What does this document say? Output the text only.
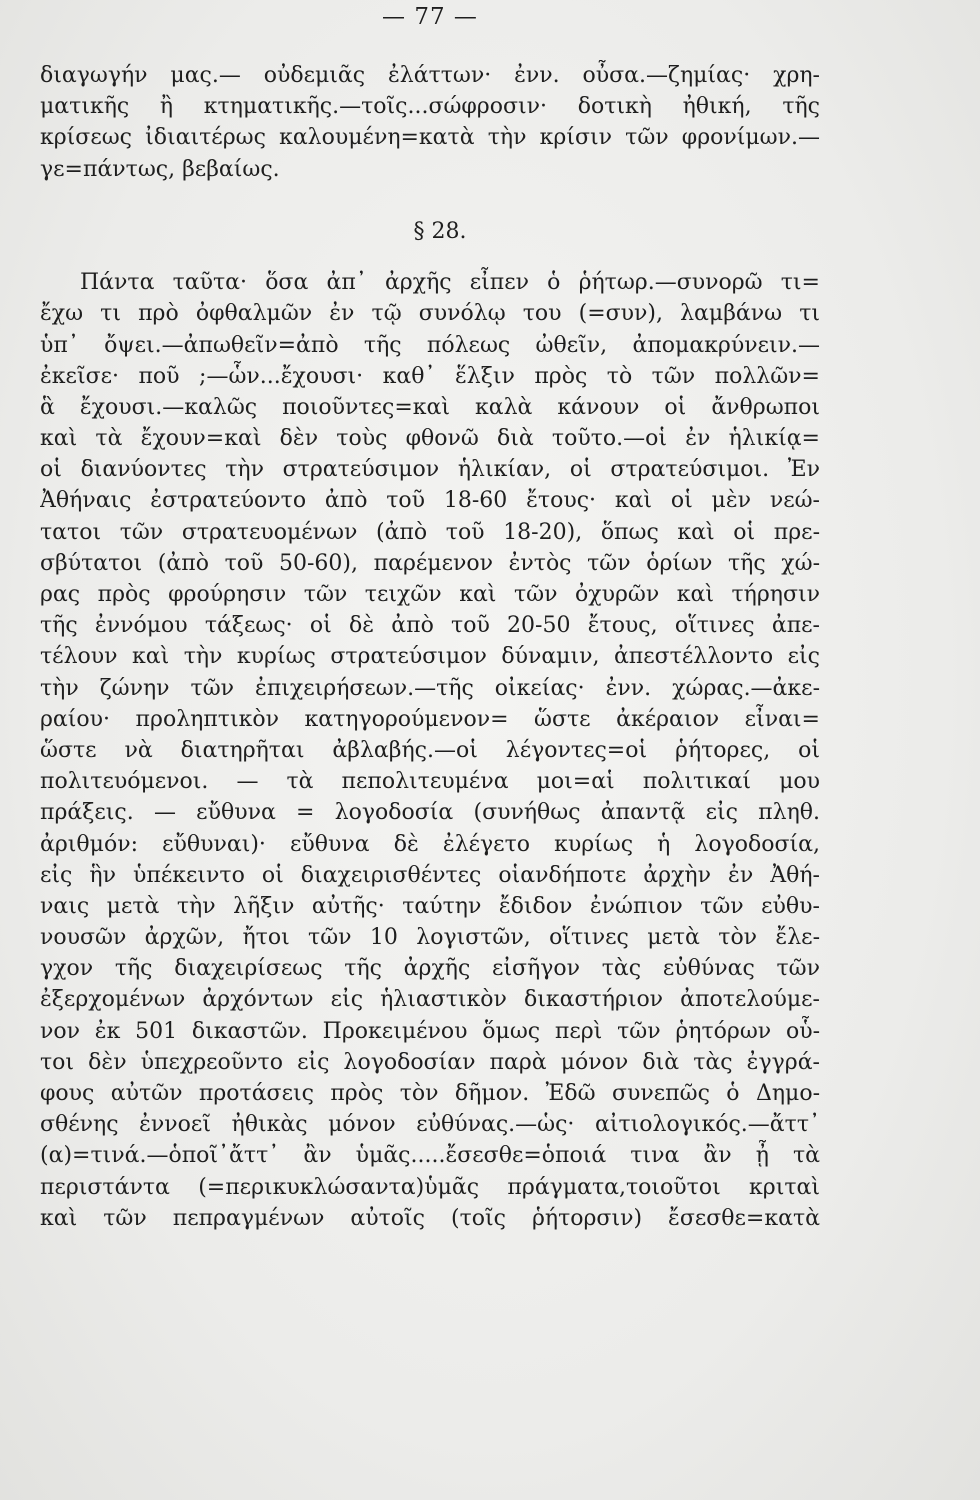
— 77 —
διαγωγήν μας.— οὐδεμιᾶς ἐλάττων· ἐνν. οὖσα.—ζημίας· χρη-
ματικῆς ἢ κτηματικῆς.—τοῖς...σώφροσιν· δοτικὴ ἠθική, τῆς
κρίσεως ἰδιαιτέρως καλουμένη=κατὰ τὴν κρίσιν τῶν φρονίμων.—
γε=πάντως, βεβαίως.
§ 28.
Πάντα ταῦτα· ὅσα ἀπ᾿ ἀρχῆς εἶπεν ὁ ῥήτωρ.—συνορῶ τι=
ἔχω τι πρὸ ὀφθαλμῶν ἐν τῷ συνόλῳ του (=συν), λαμβάνω τι
ὑπ᾿ ὄψει.—ἀπωθεῖν=ἀπὸ τῆς πόλεως ὠθεῖν, ἀπομακρύνειν.—
ἐκεῖσε· ποῦ ;—ὧν...ἔχουσι· καθ᾿ ἕλξιν πρὸς τὸ τῶν πολλῶν=
ἃ ἔχουσι.—καλῶς ποιοῦντες=καὶ καλὰ κάνουν οἱ ἄνθρωποι
καὶ τὰ ἔχουν=καὶ δὲν τοὺς φθονῶ διὰ τοῦτο.—οἱ ἐν ἡλικίᾳ=
οἱ διανύοντες τὴν στρατεύσιμον ἡλικίαν, οἱ στρατεύσιμοι. Ἐν
Ἀθήναις ἐστρατεύοντο ἀπὸ τοῦ 18-60 ἔτους· καὶ οἱ μὲν νεώ-
τατοι τῶν στρατευομένων (ἀπὸ τοῦ 18-20), ὅπως καὶ οἱ πρε-
σβύτατοι (ἀπὸ τοῦ 50-60), παρέμενον ἐντὸς τῶν ὁρίων τῆς χώ-
ρας πρὸς φρούρησιν τῶν τειχῶν καὶ τῶν ὀχυρῶν καὶ τήρησιν
τῆς ἐννόμου τάξεως· οἱ δὲ ἀπὸ τοῦ 20-50 ἔτους, οἵτινες ἀπε-
τέλουν καὶ τὴν κυρίως στρατεύσιμον δύναμιν, ἀπεστέλλοντο εἰς
τὴν ζώνην τῶν ἐπιχειρήσεων.—τῆς οἰκείας· ἐνν. χώρας.—ἀκε-
ραίου· προληπτικὸν κατηγορούμενον= ὥστε ἀκέραιον εἶναι=
ὥστε νὰ διατηρῆται ἀβλαβής.—οἱ λέγοντες=οἱ ῥήτορες, οἱ
πολιτευόμενοι. — τὰ πεπολιτευμένα μοι=αἱ πολιτικαί μου
πράξεις. — εὔθυνα = λογοδοσία (συνήθως ἀπαντᾷ εἰς πληθ.
ἀριθμόν: εὔθυναι)· εὔθυνα δὲ ἐλέγετο κυρίως ἡ λογοδοσία,
εἰς ἣν ὑπέκειντο οἱ διαχειρισθέντες οἱανδήποτε ἀρχὴν ἐν Ἀθή-
ναις μετὰ τὴν λῆξιν αὐτῆς· ταύτην ἔδιδον ἐνώπιον τῶν εὐθυ-
νουσῶν ἀρχῶν, ἤτοι τῶν 10 λογιστῶν, οἵτινες μετὰ τὸν ἔλε-
γχον τῆς διαχειρίσεως τῆς ἀρχῆς εἰσῆγον τὰς εὐθύνας τῶν
ἐξερχομένων ἀρχόντων εἰς ἡλιαστικὸν δικαστήριον ἀποτελούμε-
νον ἐκ 501 δικαστῶν. Προκειμένου ὅμως περὶ τῶν ῥητόρων οὗ-
τοι δὲν ὑπεχρεοῦντο εἰς λογοδοσίαν παρὰ μόνον διὰ τὰς ἐγγρά-
φους αὐτῶν προτάσεις πρὸς τὸν δῆμον. Ἐδῶ συνεπῶς ὁ Δημο-
σθένης ἐννοεῖ ἠθικὰς μόνον εὐθύνας.—ὡς· αἰτιολογικός.—ἄττ᾿
(α)=τινά.—ὁποῖ᾿ἄττ᾿ ἂν ὑμᾶς.....ἔσεσθε=ὁποιά τινα ἂν ᾖ τὰ
περιστάντα (=περικυκλώσαντα)ὑμᾶς πράγματα,τοιοῦτοι κριταὶ
καὶ τῶν πεπραγμένων αὐτοῖς (τοῖς ῥήτορσιν) ἔσεσθε=κατὰ
